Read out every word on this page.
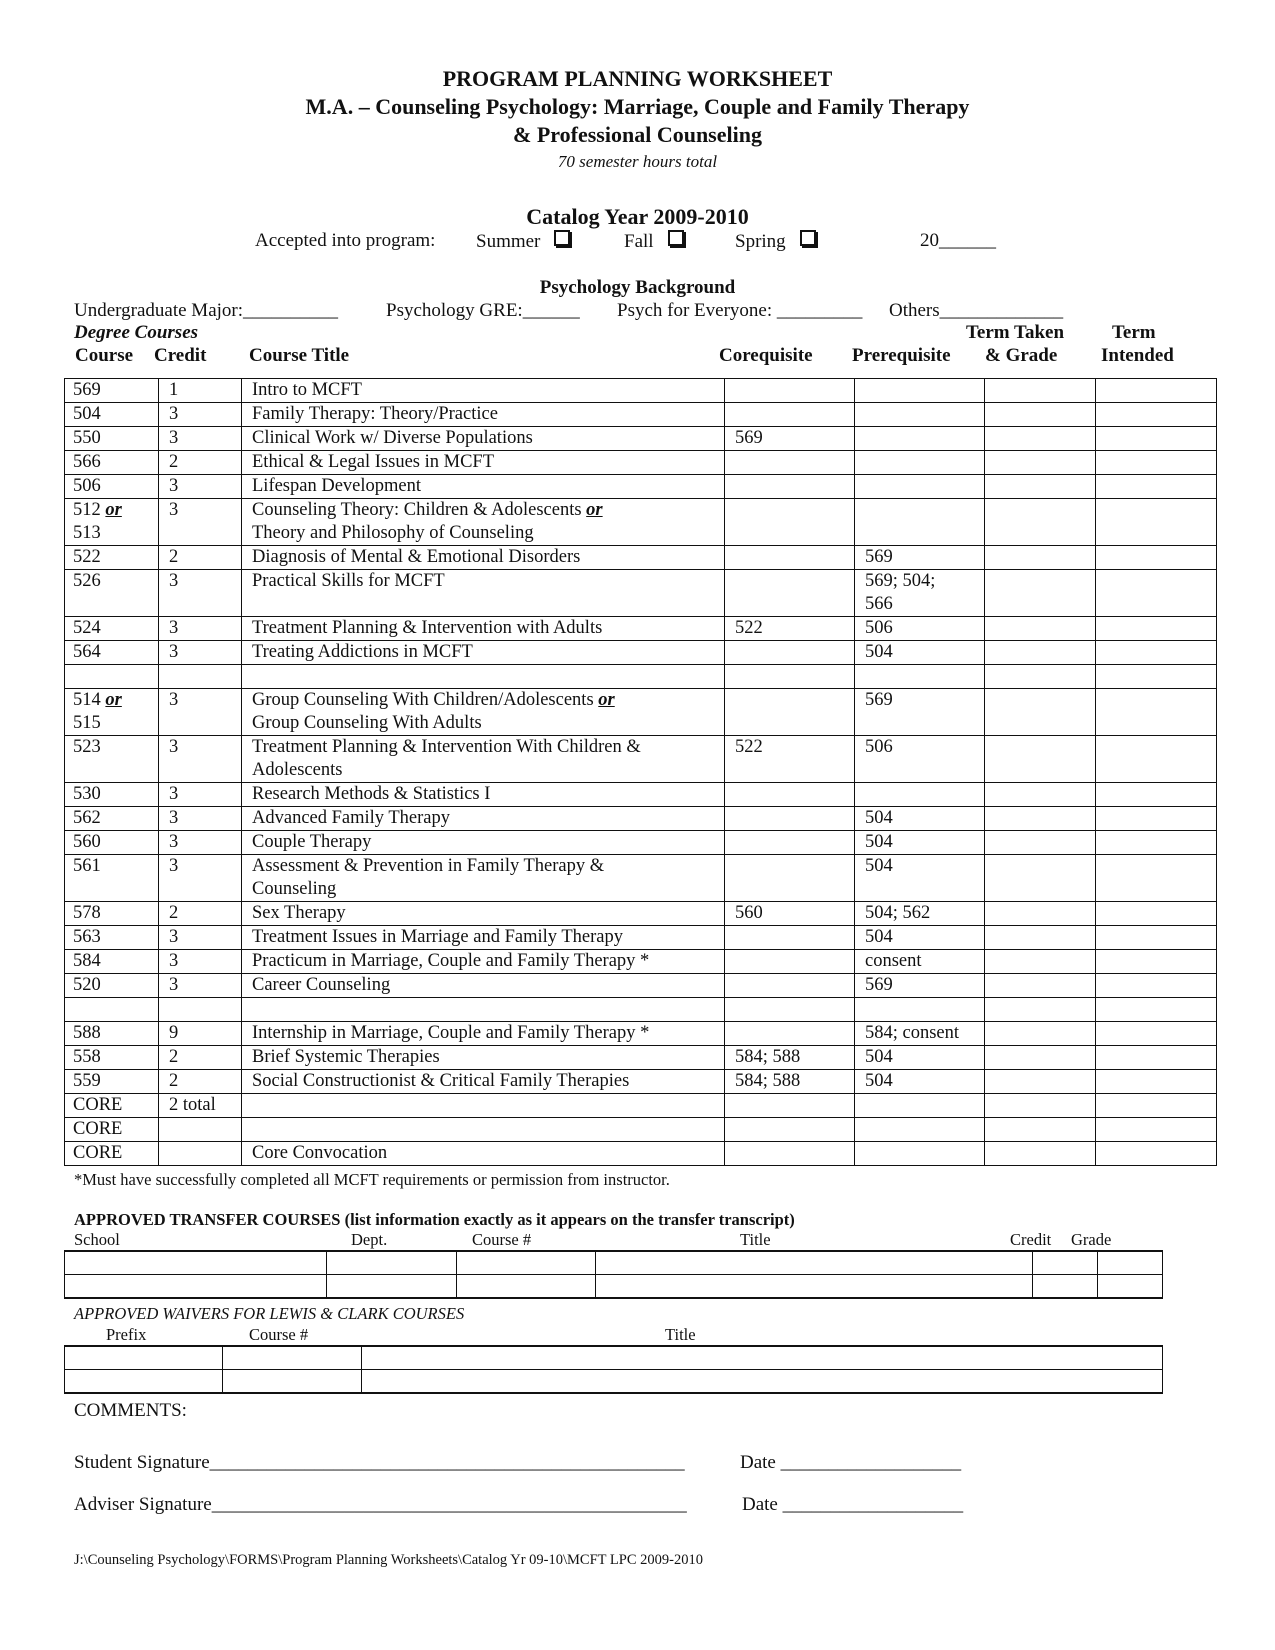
PROGRAM PLANNING WORKSHEET
M.A. – Counseling Psychology: Marriage, Couple and Family Therapy
& Professional Counseling
70 semester hours total
Catalog Year 2009-2010
Accepted into program: Summer	Fall	Spring	20______
Psychology Background
Undergraduate Major:__________	Psychology GRE:______ Psych for Everyone: _________ Others_____________
Degree Courses
Course Credit Course Title	Corequisite Prerequisite
Term Taken
& Grade
Term
Intended
569	1	Intro to MCFT				
504	3	Family Therapy: Theory/Practice				
550	3	Clinical Work w/ Diverse Populations	569			
566	2	Ethical & Legal Issues in MCFT				
506	3	Lifespan Development				
512 or
513	3	Counseling Theory: Children & Adolescents or
Theory and Philosophy of Counseling				
522	2	Diagnosis of Mental & Emotional Disorders		569		
526	3	Practical Skills for MCFT		569; 504;
566		
524	3	Treatment Planning & Intervention with Adults	522	506		
564	3	Treating Addictions in MCFT		504		

514 or
515	3	Group Counseling With Children/Adolescents or
Group Counseling With Adults		569		
523	3	Treatment Planning & Intervention With Children &
Adolescents	522	506		
530	3	Research Methods & Statistics I				
562	3	Advanced Family Therapy		504		
560	3	Couple Therapy		504		
561	3	Assessment & Prevention in Family Therapy &
Counseling		504		
578	2	Sex Therapy	560	504; 562		
563	3	Treatment Issues in Marriage and Family Therapy		504		
584	3	Practicum in Marriage, Couple and Family Therapy *		consent		
520	3	Career Counseling		569		

588	9	Internship in Marriage, Couple and Family Therapy *		584; consent		
558	2	Brief Systemic Therapies	584; 588	504		
559	2	Social Constructionist & Critical Family Therapies	584; 588	504		
CORE	2 total					
CORE						
CORE		Core Convocation				
*Must have successfully completed all MCFT requirements or permission from instructor.
APPROVED TRANSFER COURSES (list information exactly as it appears on the transfer transcript)
School	Dept.	Course #	Title	Credit Grade

APPROVED WAIVERS FOR LEWIS & CLARK COURSES
Prefix	Course #	Title

COMMENTS:
Student Signature__________________________________________________	Date ___________________
Adviser Signature__________________________________________________	Date ___________________
J:\Counseling Psychology\FORMS\Program Planning Worksheets\Catalog Yr 09-10\MCFT LPC 2009-2010
